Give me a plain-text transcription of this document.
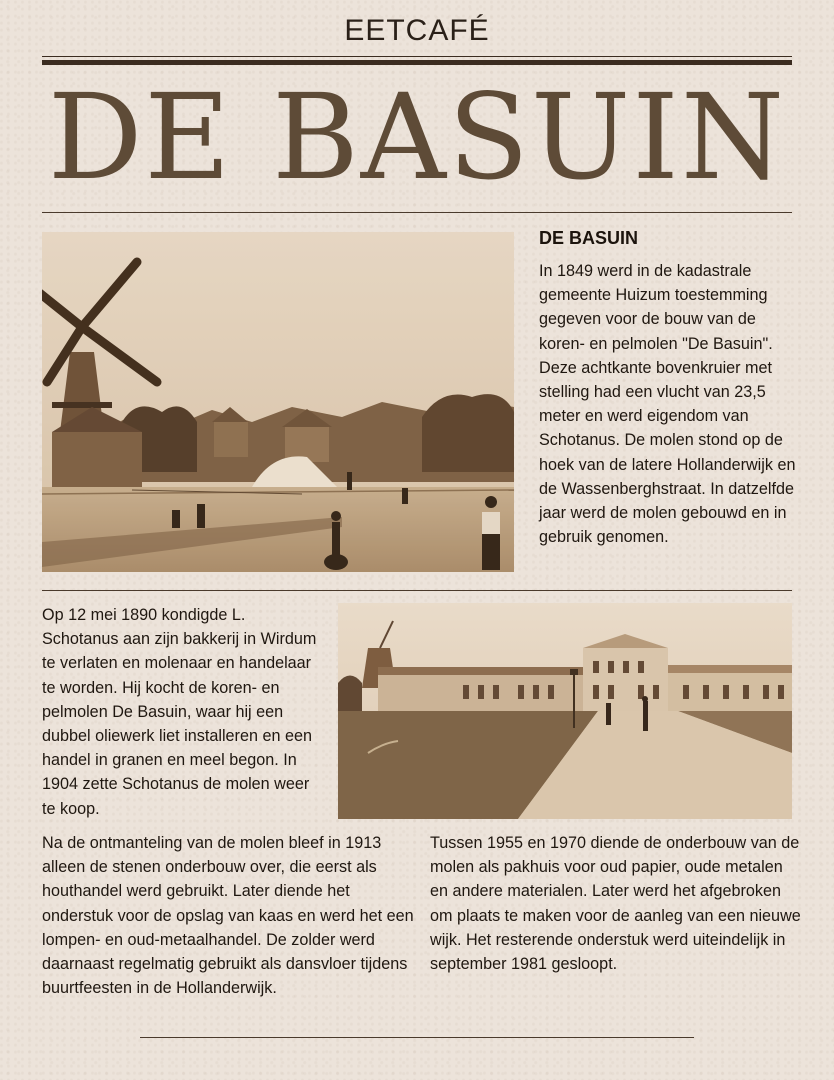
EETCAFÉ
DE BASUIN
DE BASUIN
In 1849 werd in de kadastrale gemeente Huizum toestemming gegeven voor de bouw van de koren- en pelmolen "De Basuin". Deze achtkante bovenkruier met stelling had een vlucht van 23,5 meter en werd eigendom van Schotanus. De molen stond op de hoek van de latere Hollanderwijk en de Wassenberghstraat. In datzelfde jaar werd de molen gebouwd en in gebruik genomen.
Op 12 mei 1890 kondigde L. Schotanus aan zijn bakkerij in Wirdum te verlaten en molenaar en handelaar te worden. Hij kocht de koren- en pelmolen De Basuin, waar hij een dubbel oliewerk liet installeren en een handel in granen en meel begon. In 1904 zette Schotanus de molen weer te koop.
Na de ontmanteling van de molen bleef in 1913 alleen de stenen onderbouw over, die eerst als houthandel werd gebruikt. Later diende het onderstuk voor de opslag van kaas en werd het een lompen- en oud-metaalhandel. De zolder werd daarnaast regelmatig gebruikt als dansvloer tijdens buurtfeesten in de Hollanderwijk.
Tussen 1955 en 1970 diende de onderbouw van de molen als pakhuis voor oud papier, oude metalen en andere materialen. Later werd het afgebroken om plaats te maken voor de aanleg van een nieuwe wijk. Het resterende onderstuk werd uiteindelijk in september 1981 gesloopt.
